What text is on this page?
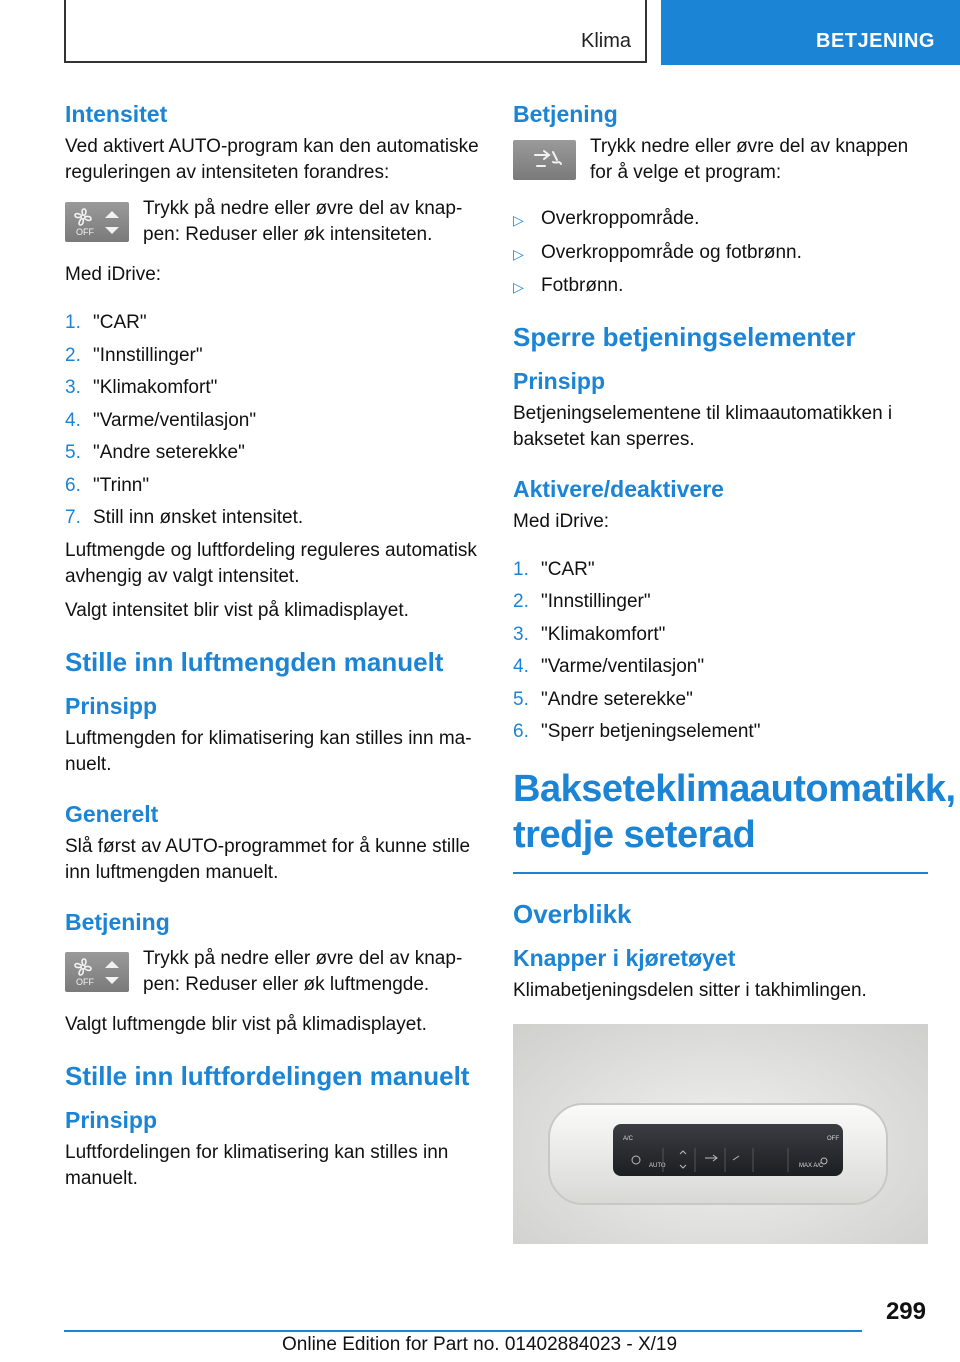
Klima	BETJENING
Intensitet

Ved aktivert AUTO-program kan den automatiske reguleringen av intensiteten forandres:

OFF
Trykk på nedre eller øvre del av knappen: Reduser eller øk intensiteten.

Med iDrive:

1. "CAR"
2. "Innstillinger"
3. "Klimakomfort"
4. "Varme/ventilasjon"
5. "Andre seterekke"
6. "Trinn"
7. Still inn ønsket intensitet.

Luftmengde og luftfordeling reguleres automatisk avhengig av valgt intensitet.

Valgt intensitet blir vist på klimadisplayet.

Stille inn luftmengden manuelt
Prinsipp

Luftmengden for klimatisering kan stilles inn manuelt.

Generelt

Slå først av AUTO-programmet for å kunne stille inn luftmengden manuelt.

Betjening
OFF
Trykk på nedre eller øvre del av knappen: Reduser eller øk luftmengde.

Valgt luftmengde blir vist på klimadisplayet.

Stille inn luftfordelingen manuelt
Prinsipp

Luftfordelingen for klimatisering kan stilles inn manuelt.

Betjening
Trykk nedre eller øvre del av knappen for å velge et program:
▷ Overkroppområde.
▷ Overkroppområde og fotbrønn.
▷ Fotbrønn.
Sperre betjeningselementer
Prinsipp

Betjeningselementene til klimaautomatikken i baksetet kan sperres.

Aktivere/deaktivere

Med iDrive:

1. "CAR"
2. "Innstillinger"
3. "Klimakomfort"
4. "Varme/ventilasjon"
5. "Andre seterekke"
6. "Sperr betjeningselement"
Bakseteklimaautomatikk, tredje seterad
Overblikk
Knapper i kjøretøyet

Klimabetjeningsdelen sitter i takhimlingen.

A/C
AUTO
OFF
MAX A/C
299
Online Edition for Part no. 01402884023 - X/19
